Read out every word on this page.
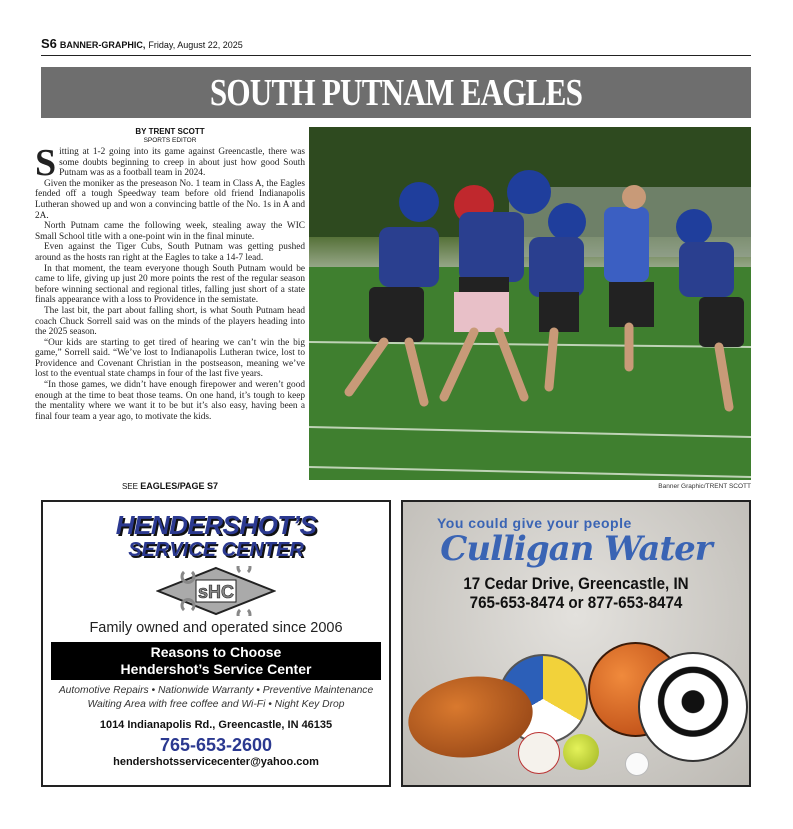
S6 BANNER-GRAPHIC, Friday, August 22, 2025
SOUTH PUTNAM EAGLES
BY TRENT SCOTT
SPORTS EDITOR

Sitting at 1-2 going into its game against Greencastle, there was some doubts beginning to creep in about just how good South Putnam was as a football team in 2024.

Given the moniker as the preseason No. 1 team in Class A, the Eagles fended off a tough Speedway team before old friend Indianapolis Lutheran showed up and won a convincing battle of the No. 1s in A and 2A.

North Putnam came the following week, stealing away the WIC Small School title with a one-point win in the final minute.

Even against the Tiger Cubs, South Putnam was getting pushed around as the hosts ran right at the Eagles to take a 14-7 lead.

In that moment, the team everyone though South Putnam would be came to life, giving up just 20 more points the rest of the regular season before winning sectional and regional titles, falling just short of a state finals appearance with a loss to Providence in the semistate.

The last bit, the part about falling short, is what South Putnam head coach Chuck Sorrell said was on the minds of the players heading into the 2025 season.

“Our kids are starting to get tired of hearing we can’t win the big game,” Sorrell said. “We’ve lost to Indianapolis Lutheran twice, lost to Providence and Covenant Christian in the postseason, meaning we’ve lost to the eventual state champs in four of the last five years.

“In those games, we didn’t have enough firepower and weren’t good enough at the time to beat those teams. On one hand, it’s tough to keep the mentality where we want it to be but it’s also easy, having been a final four team a year ago, to motivate the kids.

SEE EAGLES/PAGE S7	Banner Graphic/TRENT SCOTT
HENDERSHOT’S
SERVICE CENTER
sHC
Family owned and operated since 2006
Reasons to Choose
Hendershot’s Service Center
Automotive Repairs • Nationwide Warranty • Preventive Maintenance
Waiting Area with free coffee and Wi-Fi • Night Key Drop
1014 Indianapolis Rd., Greencastle, IN 46135
765-653-2600
hendershotsservicecenter@yahoo.com
You could give your people
Culligan Water
17 Cedar Drive, Greencastle, IN
765-653-8474 or 877-653-8474
